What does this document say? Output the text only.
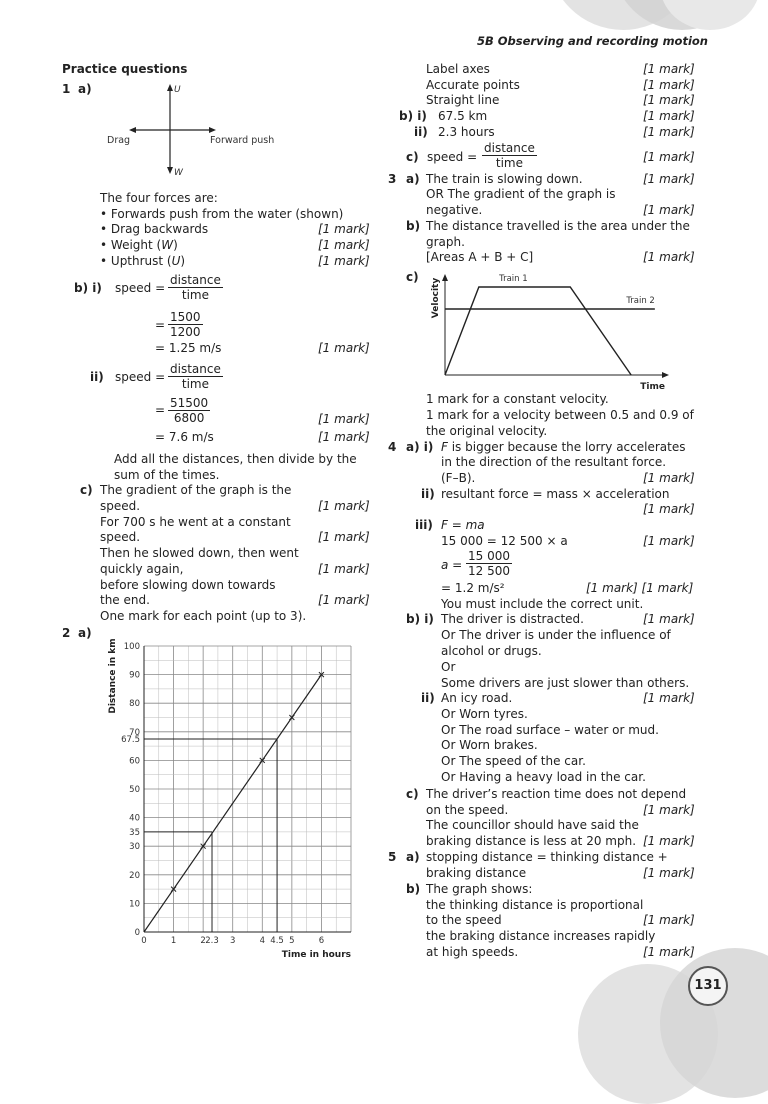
5B Observing and recording motion
131
Practice questions
1 a)	U
W
Drag	Forward push
The four forces are:
• Forwards push from the water (shown)
• Drag backwards	[1 mark]
• Weight (W)	[1 mark]
• Upthrust (U)	[1 mark]
b) i) speed =
distance
time
= $\frac{1500}{1200}$
= 1.25 m/s	[1 mark]
ii) speed =
distance
time
= $\frac{51500}{6800}$	[1 mark]
= 7.6 m/s	[1 mark]
Add all the distances, then divide by the
sum of the times.
c) The gradient of the graph is the
speed.	[1 mark]
For 700 s he went at a constant
speed.	[1 mark]
Then he slowed down, then went
quickly again,	[1 mark]
before slowing down towards
the end.	[1 mark]
One mark for each point (up to 3).
2 a)
0	1	2 2.3 3	4 4.5 5	6
0
10
20
30
35
40
50
60
67.5
70
80
90
100
Time in hours
Distance in km
Label axes	[1 mark]
Accurate points	[1 mark]
Straight line	[1 mark]
b) i) 67.5 km	[1 mark]
ii) 2.3 hours	[1 mark]
c) speed =
distance
time	[1 mark]
3 a) The train is slowing down.	[1 mark]
OR The gradient of the graph is
negative.	[1 mark]
b) The distance travelled is the area under the
graph.
[Areas A + B + C]	[1 mark]
c)
Time
Velocity	Train 1
Train 2
1 mark for a constant velocity.
1 mark for a velocity between 0.5 and 0.9 of
the original velocity.
4 a) i) F is bigger because the lorry accelerates
in the direction of the resultant force.
(F–B).	[1 mark]
ii) resultant force = mass × acceleration
[1 mark]
iii) F = ma
15 000 = 12 500 × a	[1 mark]
$a = \frac{15 000}{12 500}$
= 1.2 m/s²	[1 mark] [1 mark]
You must include the correct unit.
b) i) The driver is distracted.	[1 mark]
Or The driver is under the influence of
alcohol or drugs.
Or
Some drivers are just slower than others.
ii) An icy road.	[1 mark]
Or Worn tyres.
Or The road surface – water or mud.
Or Worn brakes.
Or The speed of the car.
Or Having a heavy load in the car.
c) The driver’s reaction time does not depend
on the speed.	[1 mark]
The councillor should have said the
braking distance is less at 20 mph. [1 mark]
5 a) stopping distance = thinking distance +
braking distance	[1 mark]
b) The graph shows:
the thinking distance is proportional
to the speed	[1 mark]
the braking distance increases rapidly
at high speeds.	[1 mark]
